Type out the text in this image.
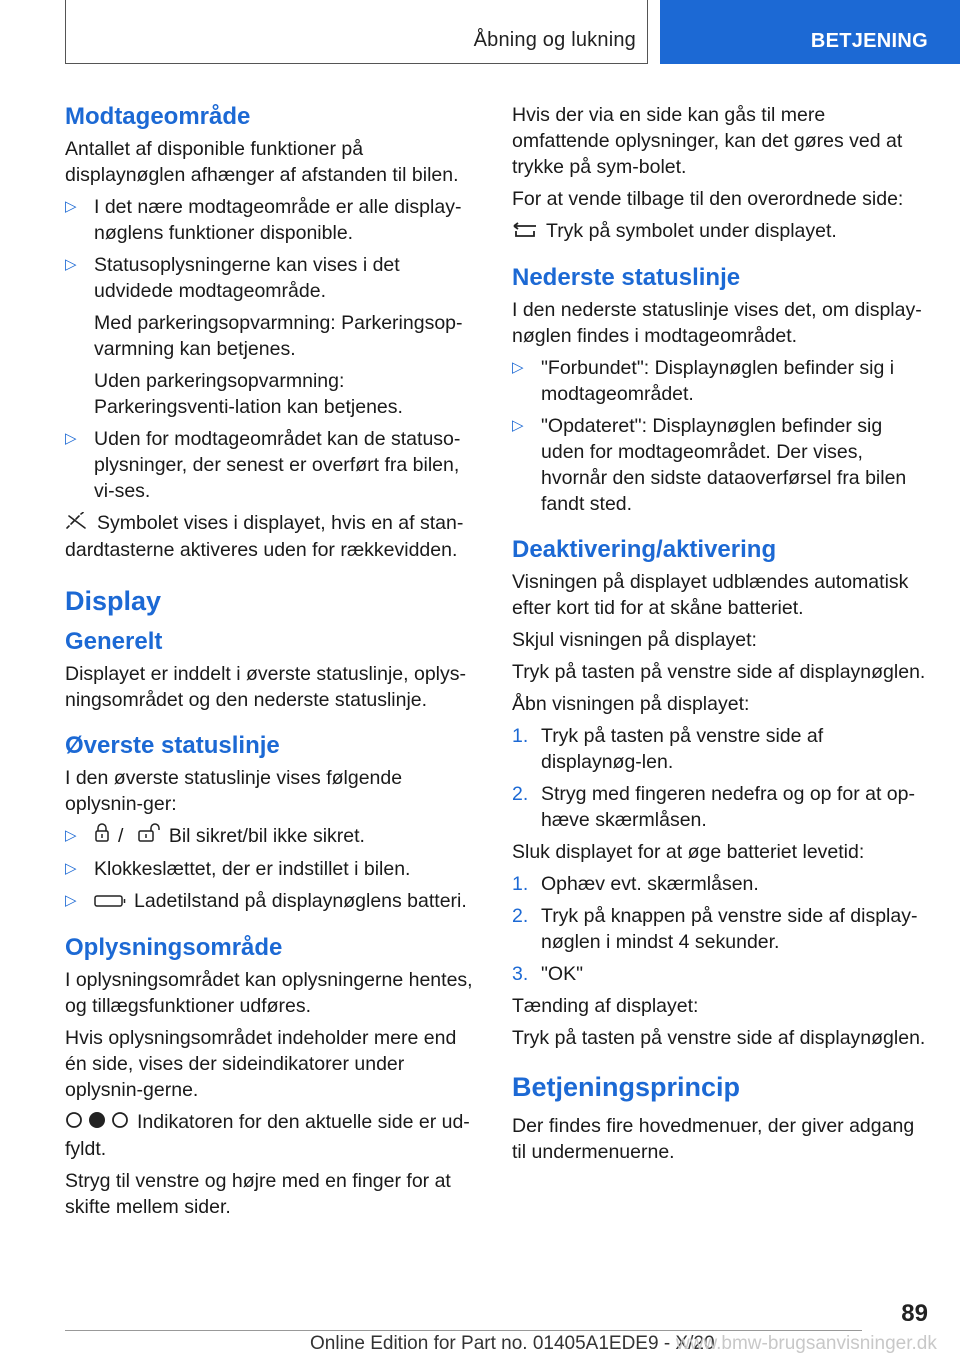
Åbning og lukning	BETJENING
Modtageområde

Antallet af disponible funktioner på displaynøglen afhænger af afstanden til bilen.

▷ I det nære modtageområde er alle display-nøglens funktioner disponible.
▷ Statusoplysningerne kan vises i det udvidede modtageområde.

Med parkeringsopvarmning: Parkeringsop-varmning kan betjenes.

Uden parkeringsopvarmning: Parkeringsventi-lation kan betjenes.

▷ Uden for modtageområdet kan de statuso-plysninger, der senest er overført fra bilen, vi-ses.

Symbolet vises i displayet, hvis en af stan-dardtasterne aktiveres uden for rækkevidden.

Display
Generelt

Displayet er inddelt i øverste statuslinje, oplys-ningsområdet og den nederste statuslinje.

Øverste statuslinje

I den øverste statuslinje vises følgende oplysnin-ger:

▷	/ Bil sikret/bil ikke sikret.
▷ Klokkeslættet, der er indstillet i bilen.
▷	Ladetilstand på displaynøglens batteri.
Oplysningsområde

I oplysningsområdet kan oplysningerne hentes, og tillægsfunktioner udføres.

Hvis oplysningsområdet indeholder mere end én side, vises der sideindikatorer under oplysnin-gerne.

Indikatoren for den aktuelle side er ud-fyldt.

Stryg til venstre og højre med en finger for at skifte mellem sider.

Hvis der via en side kan gås til mere omfattende oplysninger, kan det gøres ved at trykke på sym-bolet.

For at vende tilbage til den overordnede side:

Tryk på symbolet under displayet.

Nederste statuslinje

I den nederste statuslinje vises det, om display-nøglen findes i modtageområdet.

▷ "Forbundet": Displaynøglen befinder sig i modtageområdet.
▷ "Opdateret": Displaynøglen befinder sig uden for modtageområdet. Der vises, hvornår den sidste dataoverførsel fra bilen fandt sted.
Deaktivering/aktivering

Visningen på displayet udblændes automatisk efter kort tid for at skåne batteriet.

Skjul visningen på displayet:

Tryk på tasten på venstre side af displaynøglen.

Åbn visningen på displayet:

1. Tryk på tasten på venstre side af displaynøg-len.
2. Stryg med fingeren nedefra og op for at op-hæve skærmlåsen.

Sluk displayet for at øge batteriet levetid:

1. Ophæv evt. skærmlåsen.
2. Tryk på knappen på venstre side af display-nøglen i mindst 4 sekunder.
3. "OK"

Tænding af displayet:

Tryk på tasten på venstre side af displaynøglen.

Betjeningsprincip

Der findes fire hovedmenuer, der giver adgang til undermenuerne.

89
Online Edition for Part no. 01405A1EDE9 - X/20
www.bmw-brugsanvisninger.dk
